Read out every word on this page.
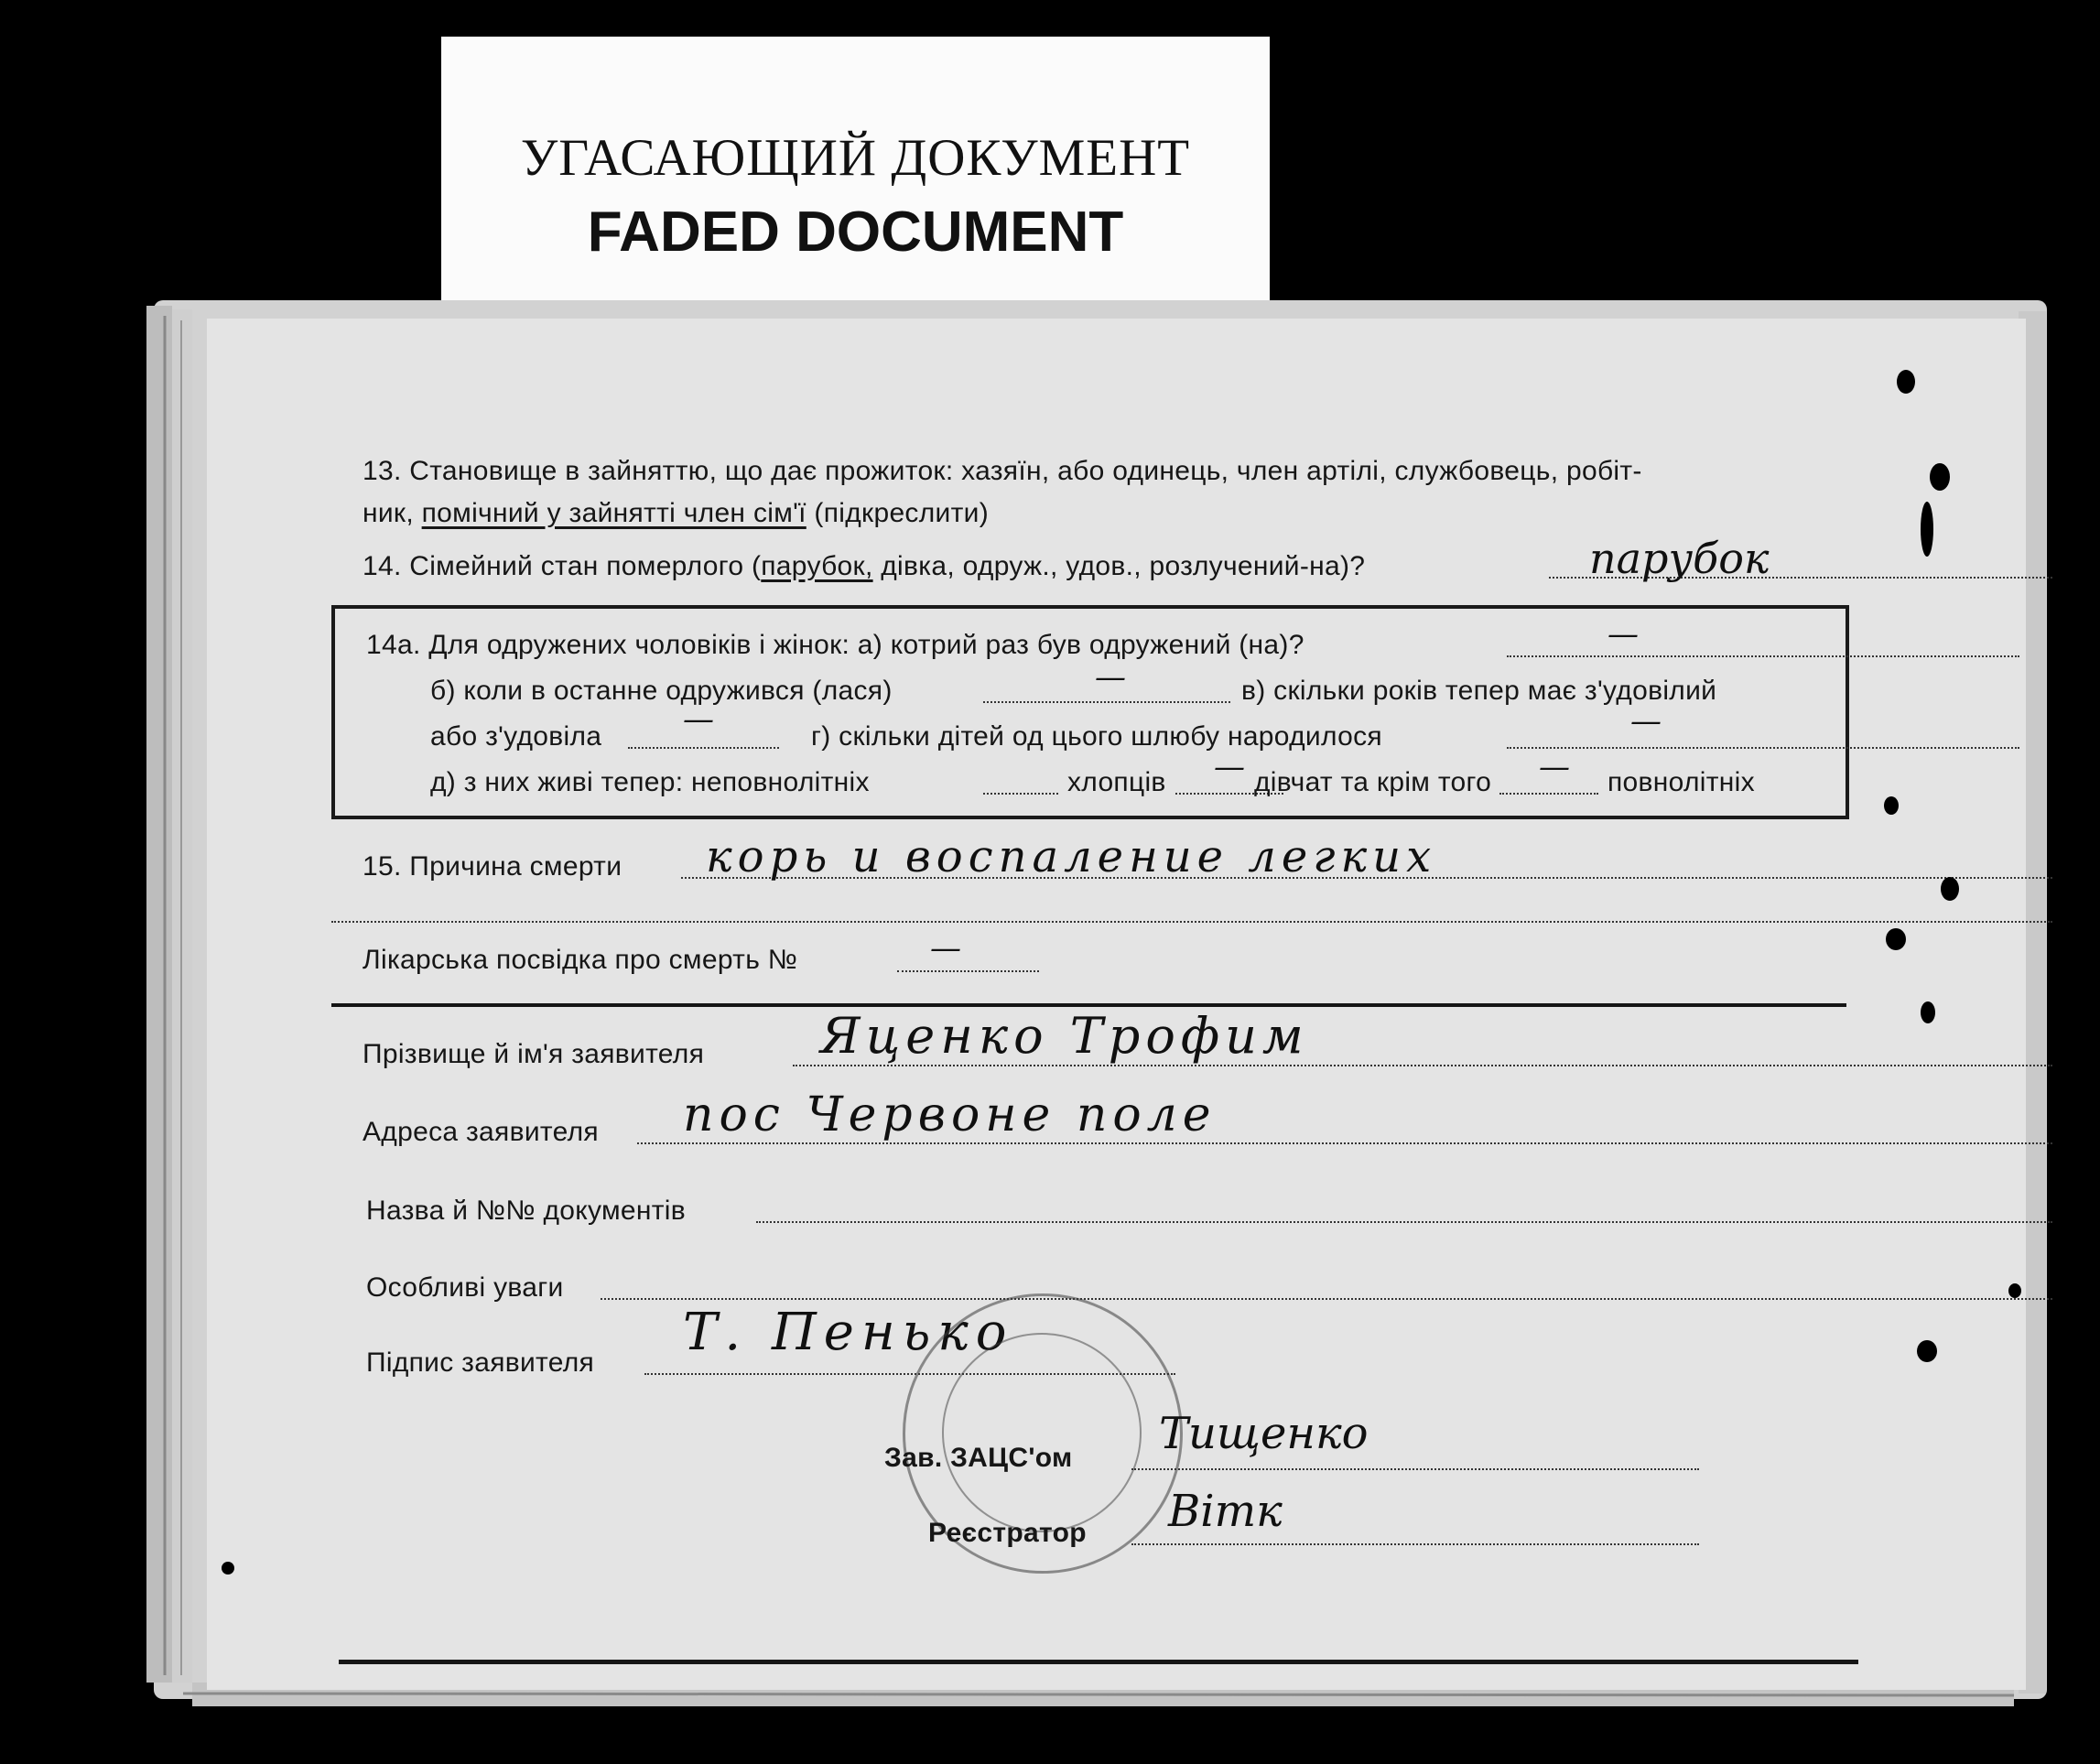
УГАСАЮЩИЙ ДОКУМЕНТ
FADED DOCUMENT
13. Становище в зайняттю, що дає прожиток: хазяїн, або одинець, член артілі, службовець, робіт-
ник, помічний у зайнятті член сім'ї (підкреслити)
14. Сімейний стан померлого (парубок, дівка, одруж., удов., розлучений-на)?	парубок
14а. Для одружених чоловіків і жінок: а) котрий раз був одружений (на)?	—
б) коли в останне одружився (лася)	—	в) скільки років тепер має з'удовілий
або з'удовіла	—	г) скільки дітей од цього шлюбу народилося	—
д) з них живі тепер: неповнолітніх	хлопців — дівчат та крім того — повнолітніх
15. Причина смерти корь и воспаление легких
Лікарська посвідка про смерть №	—
Прізвище й ім'я заявителя Яценко Трофим
Адреса заявителя пос Червоне поле
Назва й №№ документів
Особливі уваги
Підпис заявителя
Т. Пенько
Зав. ЗАЦС'ом Тищенко
Реєстратор Вітк
